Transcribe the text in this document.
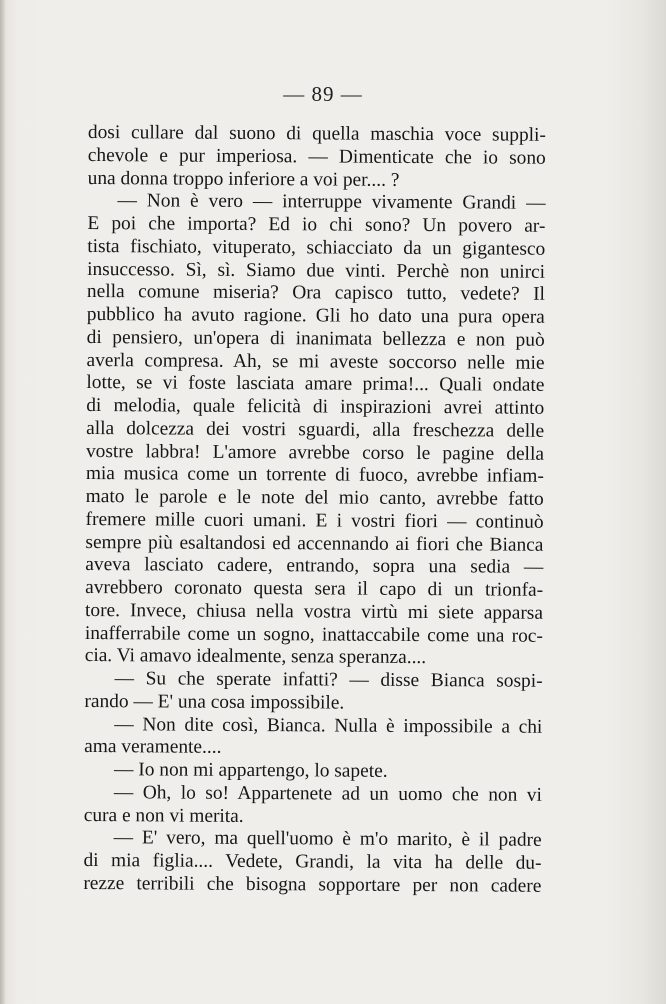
— 89 —
dosi cullare dal suono di quella maschia voce suppli-
chevole e pur imperiosa. — Dimenticate che io sono
una donna troppo inferiore a voi per.... ?
— Non è vero — interruppe vivamente Grandi —
E poi che importa? Ed io chi sono? Un povero ar-
tista fischiato, vituperato, schiacciato da un gigantesco
insuccesso. Sì, sì. Siamo due vinti. Perchè non unirci
nella comune miseria? Ora capisco tutto, vedete? Il
pubblico ha avuto ragione. Gli ho dato una pura opera
di pensiero, un'opera di inanimata bellezza e non può
averla compresa. Ah, se mi aveste soccorso nelle mie
lotte, se vi foste lasciata amare prima!... Quali ondate
di melodia, quale felicità di inspirazioni avrei attinto
alla dolcezza dei vostri sguardi, alla freschezza delle
vostre labbra! L'amore avrebbe corso le pagine della
mia musica come un torrente di fuoco, avrebbe infiam-
mato le parole e le note del mio canto, avrebbe fatto
fremere mille cuori umani. E i vostri fiori — continuò
sempre più esaltandosi ed accennando ai fiori che Bianca
aveva lasciato cadere, entrando, sopra una sedia —
avrebbero coronato questa sera il capo di un trionfa-
tore. Invece, chiusa nella vostra virtù mi siete apparsa
inafferrabile come un sogno, inattaccabile come una roc-
cia. Vi amavo idealmente, senza speranza....
— Su che sperate infatti? — disse Bianca sospi-
rando — E' una cosa impossibile.
— Non dite così, Bianca. Nulla è impossibile a chi
ama veramente....
— Io non mi appartengo, lo sapete.
— Oh, lo so! Appartenete ad un uomo che non vi
cura e non vi merita.
— E' vero, ma quell'uomo è m'o marito, è il padre
di mia figlia.... Vedete, Grandi, la vita ha delle du-
rezze terribili che bisogna sopportare per non cadere
